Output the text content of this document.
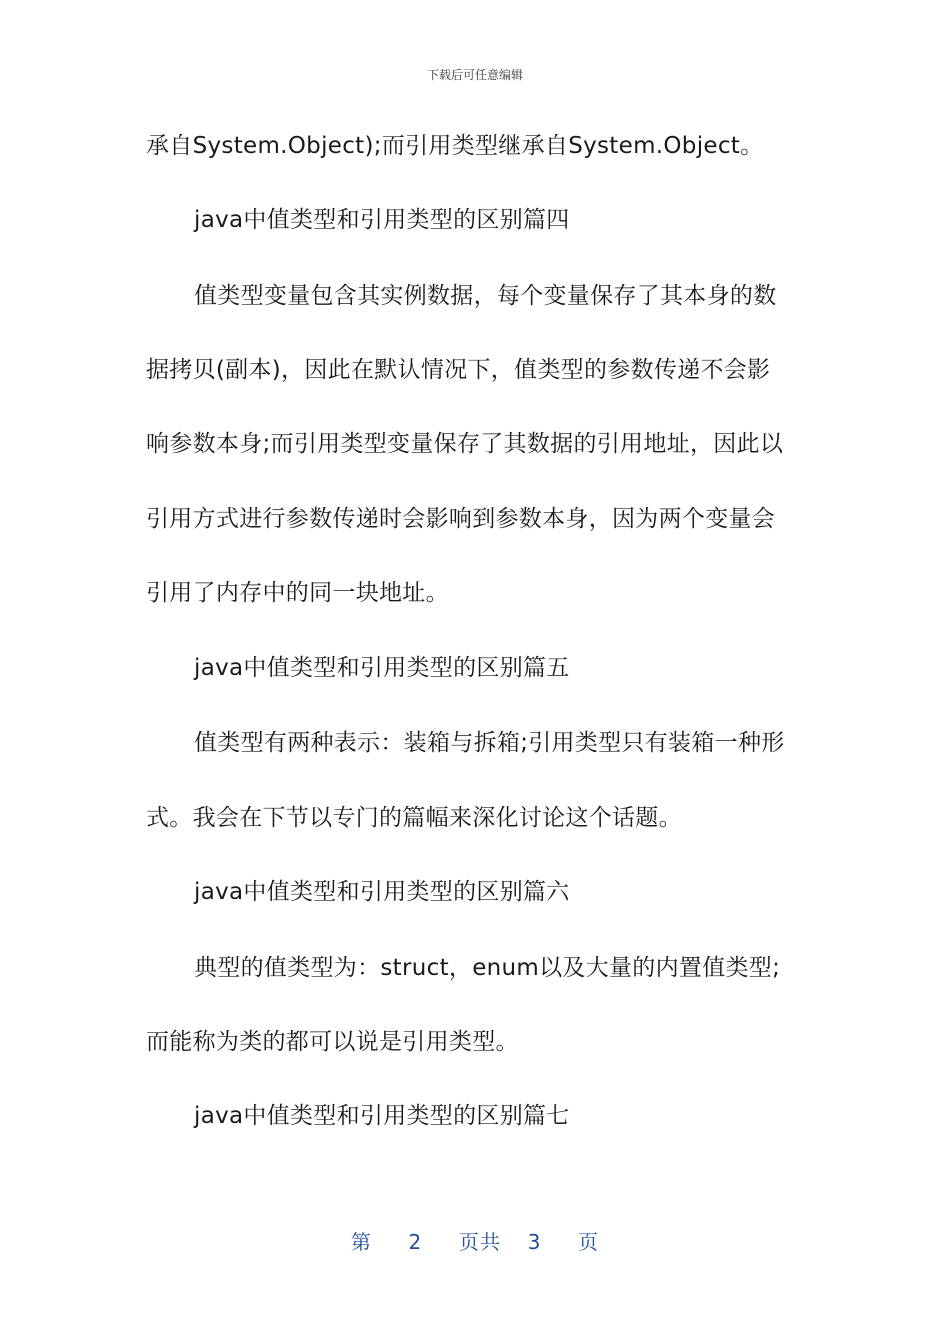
下载后可任意编辑
承自System.Object);而引用类型继承自System.Object。
java中值类型和引用类型的区别篇四
值类型变量包含其实例数据，每个变量保存了其本身的数
据拷贝(副本)，因此在默认情况下，值类型的参数传递不会影
响参数本身;而引用类型变量保存了其数据的引用地址，因此以
引用方式进行参数传递时会影响到参数本身，因为两个变量会
引用了内存中的同一块地址。
java中值类型和引用类型的区别篇五
值类型有两种表示：装箱与拆箱;引用类型只有装箱一种形
式。我会在下节以专门的篇幅来深化讨论这个话题。
java中值类型和引用类型的区别篇六
典型的值类型为：struct，enum以及大量的内置值类型;
而能称为类的都可以说是引用类型。
java中值类型和引用类型的区别篇七
第 2 页共 3 页
